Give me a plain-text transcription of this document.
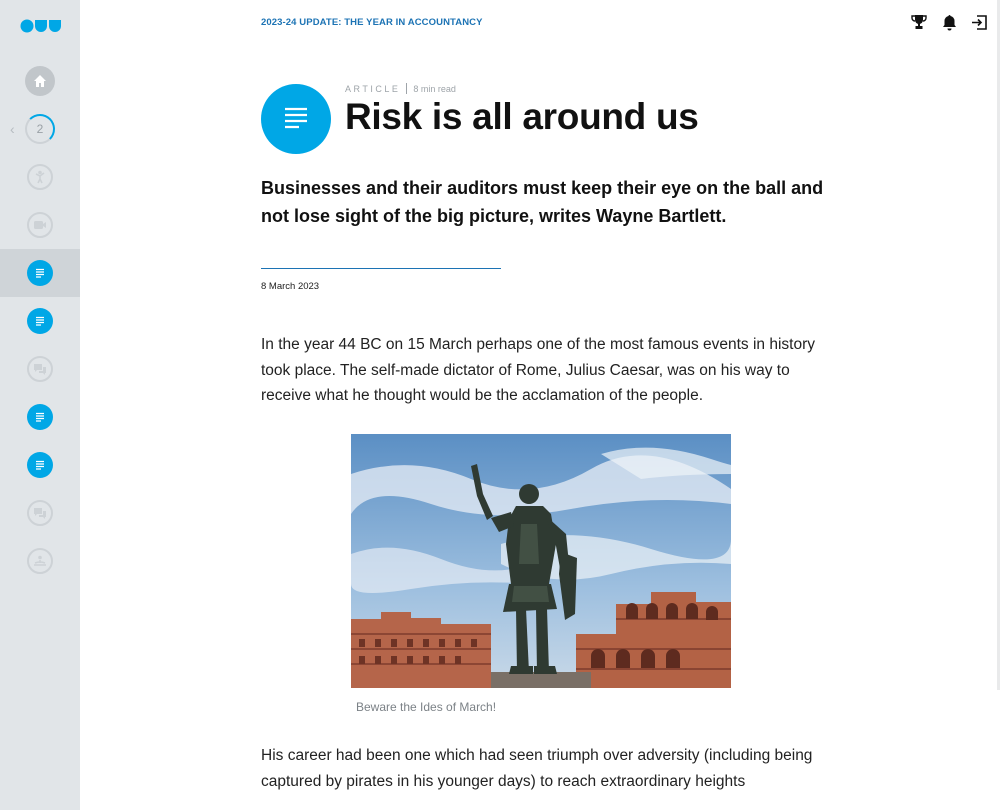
‹ 2
2023-24 UPDATE: THE YEAR IN ACCOUNTANCY
ARTICLE 8 min read
Risk is all around us

Businesses and their auditors must keep their eye on the ball and not lose sight of the big picture, writes Wayne Bartlett.

8 March 2023

In the year 44 BC on 15 March perhaps one of the most famous events in history took place. The self-made dictator of Rome, Julius Caesar, was on his way to receive what he thought would be the acclamation of the people.

Beware the Ides of March!

His career had been one which had seen triumph over adversity (including being captured by pirates in his younger days) to reach extraordinary heights
